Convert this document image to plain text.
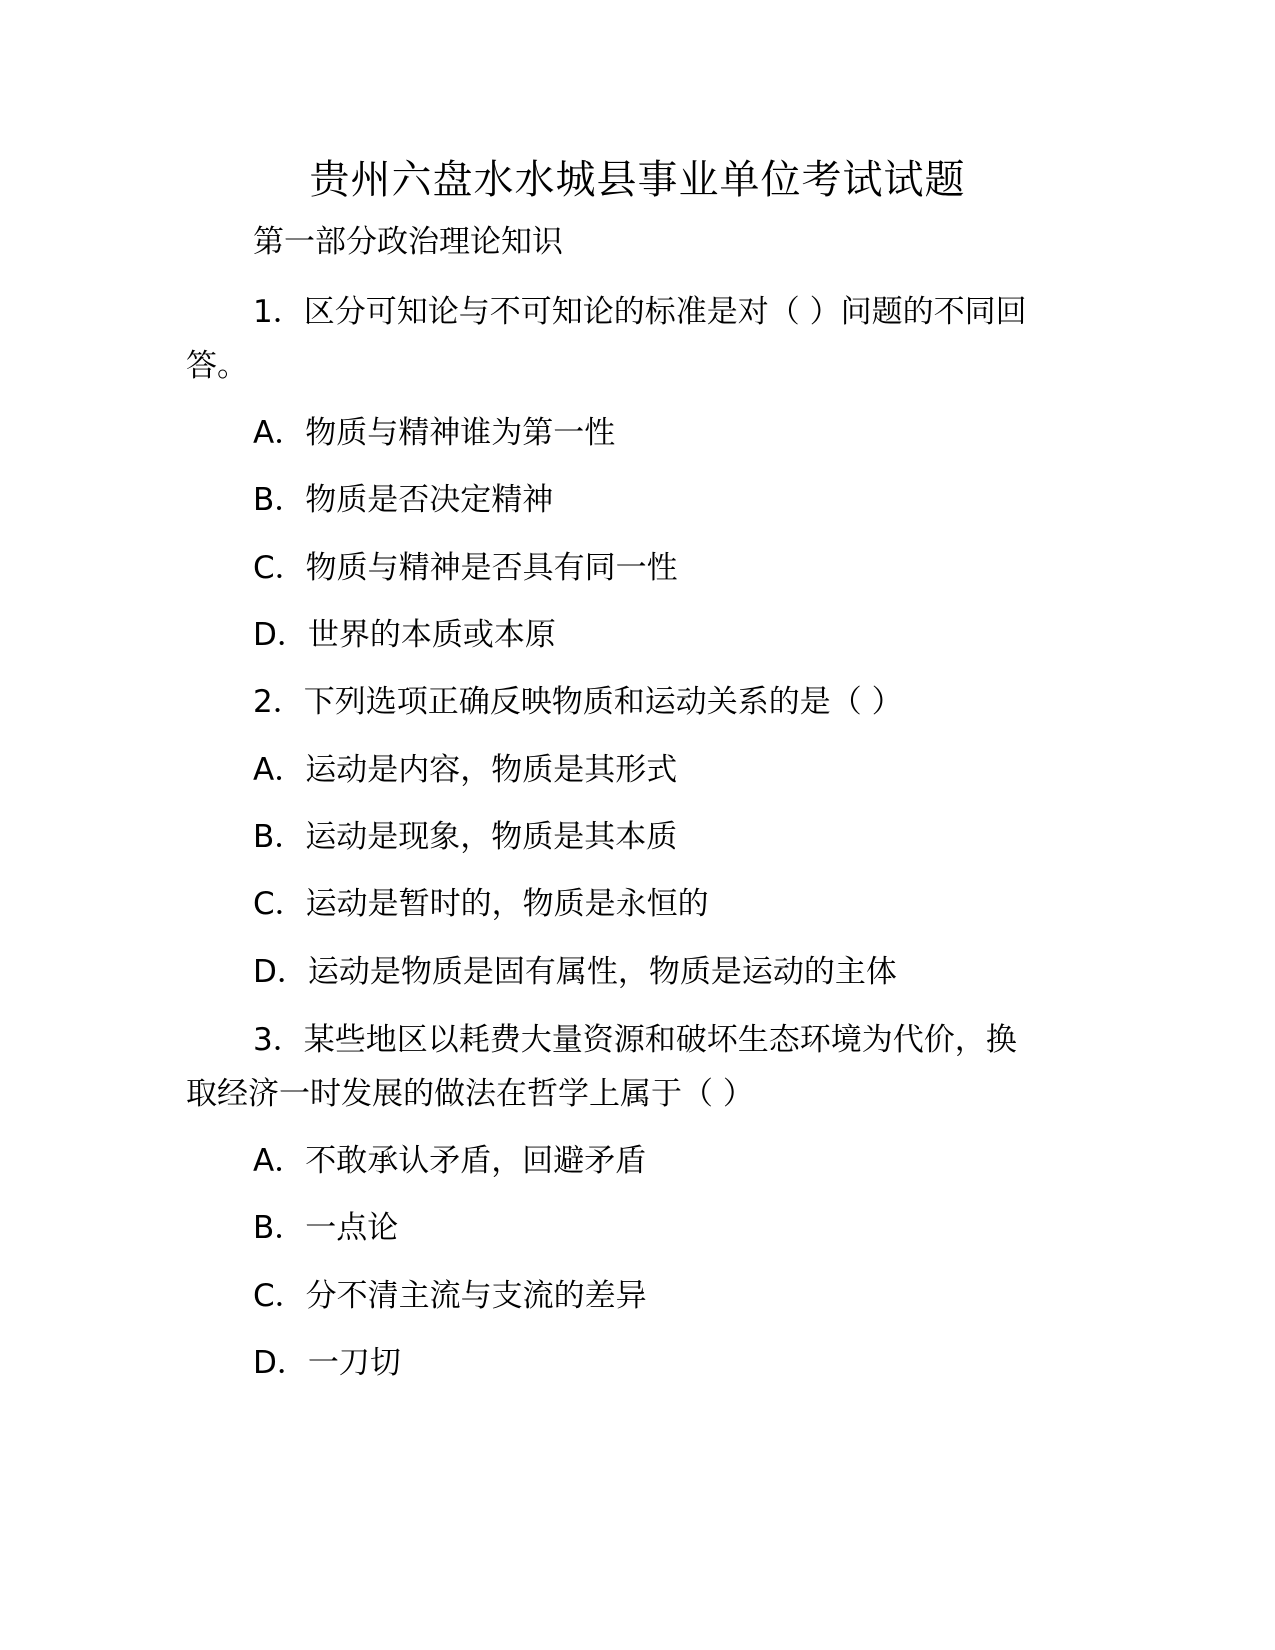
贵州六盘水水城县事业单位考试试题
第一部分政治理论知识
1．区分可知论与不可知论的标准是对（ ）问题的不同回
答。
A．物质与精神谁为第一性
B．物质是否决定精神
C．物质与精神是否具有同一性
D．世界的本质或本原
2．下列选项正确反映物质和运动关系的是（ ）
A．运动是内容，物质是其形式
B．运动是现象，物质是其本质
C．运动是暂时的，物质是永恒的
D．运动是物质是固有属性，物质是运动的主体
3．某些地区以耗费大量资源和破坏生态环境为代价，换
取经济一时发展的做法在哲学上属于（ ）
A．不敢承认矛盾，回避矛盾
B．一点论
C．分不清主流与支流的差异
D．一刀切
